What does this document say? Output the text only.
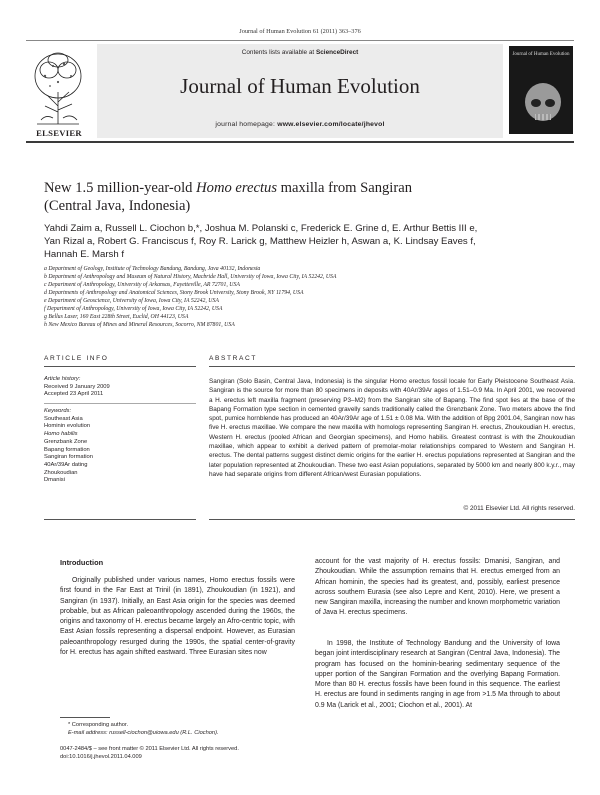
Journal of Human Evolution 61 (2011) 363–376
ELSEVIER
Contents lists available at ScienceDirect
Journal of Human Evolution
journal homepage: www.elsevier.com/locate/jhevol
Journal of Human Evolution
New 1.5 million-year-old Homo erectus maxilla from Sangiran
(Central Java, Indonesia)
Yahdi Zaim a, Russell L. Ciochon b,*, Joshua M. Polanski c, Frederick E. Grine d, E. Arthur Bettis III e,
Yan Rizal a, Robert G. Franciscus f, Roy R. Larick g, Matthew Heizler h, Aswan a, K. Lindsay Eaves f,
Hannah E. Marsh f
a Department of Geology, Institute of Technology Bandung, Bandung, Java 40132, Indonesia
b Department of Anthropology and Museum of Natural History, Macbride Hall, University of Iowa, Iowa City, IA 52242, USA
c Department of Anthropology, University of Arkansas, Fayetteville, AR 72701, USA
d Departments of Anthropology and Anatomical Sciences, Stony Brook University, Stony Brook, NY 11794, USA
e Department of Geoscience, University of Iowa, Iowa City, IA 52242, USA
f Department of Anthropology, University of Iowa, Iowa City, IA 52242, USA
g Bellus Laser, 160 East 228th Street, Euclid, OH 44123, USA
h New Mexico Bureau of Mines and Mineral Resources, Socorro, NM 87801, USA
ARTICLE INFO	ABSTRACT
Article history:
Received 9 January 2009
Accepted 23 April 2011
Keywords:
Southeast Asia
Hominin evolution
Homo habilis
Grenzbank Zone
Bapang formation
Sangiran formation
40Ar/39Ar dating
Zhoukoudian
Dmanisi
Sangiran (Solo Basin, Central Java, Indonesia) is the singular Homo erectus fossil locale for Early Pleistocene Southeast Asia. Sangiran is the source for more than 80 specimens in deposits with 40Ar/39Ar ages of 1.51–0.9 Ma. In April 2001, we recovered a H. erectus left maxilla fragment (preserving P3–M2) from the Sangiran site of Bapang. The find spot lies at the base of the Bapang Formation type section in cemented gravelly sands traditionally called the Grenzbank Zone. Two meters above the find spot, pumice hornblende has produced an 40Ar/39Ar age of 1.51 ± 0.08 Ma. With the addition of Bpg 2001.04, Sangiran now has five H. erectus maxillae. We compare the new maxilla with homologs representing Sangiran H. erectus, Zhoukoudian H. erectus, Western H. erectus (pooled African and Georgian specimens), and Homo habilis. Greatest contrast is with the Zhoukoudian maxillae, which appear to exhibit a derived pattern of premolar-molar relationships compared to Western and Sangiran H. erectus. The dental patterns suggest distinct demic origins for the earlier H. erectus populations represented at Sangiran and the later population represented at Zhoukoudian. These two east Asian populations, separated by 5000 km and nearly 800 k.y.r., may have had separate origins from different African/west Eurasian populations.
© 2011 Elsevier Ltd. All rights reserved.
Introduction
Originally published under various names, Homo erectus fossils were first found in the Far East at Trinil (in 1891), Zhoukoudian (in 1921), and Sangiran (in 1937). Initially, an East Asia origin for the species was deemed probable, but as African paleoanthropology ascended during the 1960s, the origins and taxonomy of H. erectus became largely an Afro-centric topic, with East Asian fossils representing a dispersal endpoint. However, as Eurasian paleoanthropology resurged during the 1990s, the spatial center-of-gravity for H. erectus has again shifted eastward. Three Eurasian sites now
account for the vast majority of H. erectus fossils: Dmanisi, Sangiran, and Zhoukoudian. While the assumption remains that H. erectus emerged from an African hominin, the species had its greatest, and, possibly, earliest presence across southern Eurasia (see also Lepre and Kent, 2010). Here, we present a new Sangiran maxilla, increasing the number and known morphometric variation of Java H. erectus specimens.
In 1998, the Institute of Technology Bandung and the University of Iowa began joint interdisciplinary research at Sangiran (Central Java, Indonesia). The program has focused on the hominin-bearing sedimentary sequence of the upper portion of the Sangiran Formation and the overlying Bapang Formation. More than 80 H. erectus fossils have been found in this sequence. The earliest H. erectus are found in sediments ranging in age from >1.5 Ma through to about 0.9 Ma (Larick et al., 2001; Ciochon et al., 2001). At
* Corresponding author.
E-mail address: russell-ciochon@uiowa.edu (R.L. Ciochon).
0047-2484/$ – see front matter © 2011 Elsevier Ltd. All rights reserved.
doi:10.1016/j.jhevol.2011.04.009
